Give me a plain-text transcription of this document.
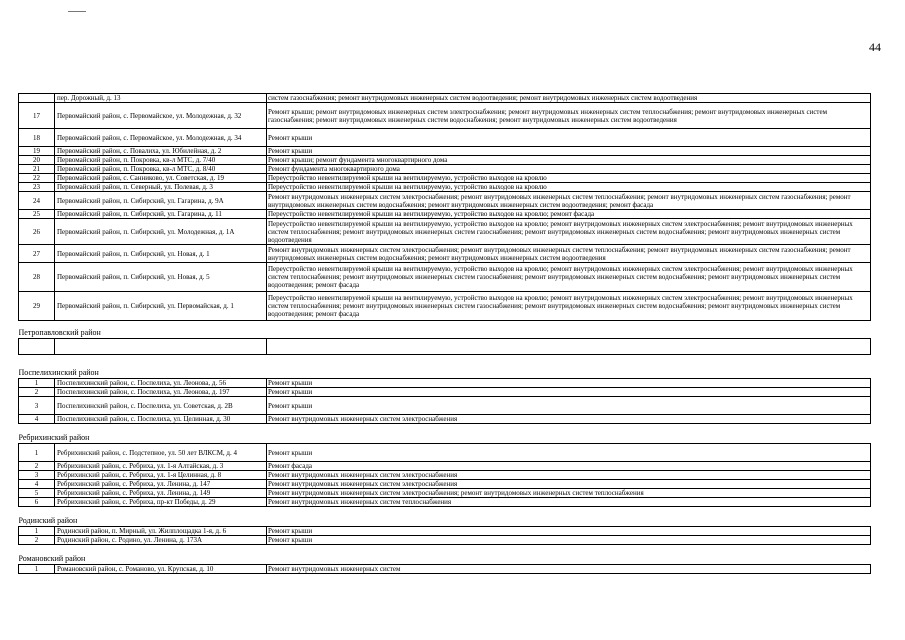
44
	пер. Дорожный, д. 13	систем газоснабжения; ремонт внутридомовых инженерных систем водоотведения; ремонт внутридомовых инженерных систем водоотведения
17	Первомайский район, с. Первомайское, ул. Молодежная, д. 32	Ремонт крыши; ремонт внутридомовых инженерных систем электроснабжения; ремонт внутридомовых инженерных систем теплоснабжения; ремонт внутридомовых инженерных систем газоснабжения; ремонт внутридомовых инженерных систем водоснабжения; ремонт внутридомовых инженерных систем водоотведения
18	Первомайский район, с. Первомайское, ул. Молодежная, д. 34	Ремонт крыши
19	Первомайский район, с. Повалиха, ул. Юбилейная, д. 2	Ремонт крыши
20	Первомайский район, п. Покровка, кв-л МТС, д. 7/40	Ремонт крыши; ремонт фундамента многоквартирного дома
21	Первомайский район, п. Покровка, кв-л МТС, д. 8/40	Ремонт фундамента многоквартирного дома
22	Первомайский район, с. Санниково, ул. Советская, д. 19	Переустройство невентилируемой крыши на вентилируемую, устройство выходов на кровлю
23	Первомайский район, п. Северный, ул. Полевая, д. 3	Переустройство невентилируемой крыши на вентилируемую, устройство выходов на кровлю
24	Первомайский район, п. Сибирский, ул. Гагарина, д. 9А	Ремонт внутридомовых инженерных систем электроснабжения; ремонт внутридомовых инженерных систем теплоснабжения; ремонт внутридомовых инженерных систем газоснабжения; ремонт внутридомовых инженерных систем водоснабжения; ремонт внутридомовых инженерных систем водоотведения; ремонт фасада
25	Первомайский район, п. Сибирский, ул. Гагарина, д. 11	Переустройство невентилируемой крыши на вентилируемую, устройство выходов на кровлю; ремонт фасада
26	Первомайский район, п. Сибирский, ул. Молодежная, д. 1А	Переустройство невентилируемой крыши на вентилируемую, устройство выходов на кровлю; ремонт внутридомовых инженерных систем электроснабжения; ремонт внутридомовых инженерных систем теплоснабжения; ремонт внутридомовых инженерных систем газоснабжения; ремонт внутридомовых инженерных систем водоснабжения; ремонт внутридомовых инженерных систем водоотведения
27	Первомайский район, п. Сибирский, ул. Новая, д. 1	Ремонт внутридомовых инженерных систем электроснабжения; ремонт внутридомовых инженерных систем теплоснабжения; ремонт внутридомовых инженерных систем газоснабжения; ремонт внутридомовых инженерных систем водоснабжения; ремонт внутридомовых инженерных систем водоотведения
28	Первомайский район, п. Сибирский, ул. Новая, д. 5	Переустройство невентилируемой крыши на вентилируемую, устройство выходов на кровлю; ремонт внутридомовых инженерных систем электроснабжения; ремонт внутридомовых инженерных систем теплоснабжения; ремонт внутридомовых инженерных систем газоснабжения; ремонт внутридомовых инженерных систем водоснабжения; ремонт внутридомовых инженерных систем водоотведения; ремонт фасада
29	Первомайский район, п. Сибирский, ул. Первомайская, д. 1	Переустройство невентилируемой крыши на вентилируемую, устройство выходов на кровлю; ремонт внутридомовых инженерных систем электроснабжения; ремонт внутридомовых инженерных систем теплоснабжения; ремонт внутридомовых инженерных систем газоснабжения; ремонт внутридомовых инженерных систем водоснабжения; ремонт внутридомовых инженерных систем водоотведения; ремонт фасада
Петропавловский район		

Поспелихинский район		
1	Поспелихинский район, с. Поспелиха, ул. Леонова, д. 56	Ремонт крыши
2	Поспелихинский район, с. Поспелиха, ул. Леонова, д. 197	Ремонт крыши
3	Поспелихинский район, с. Поспелиха, ул. Советская, д. 2В	Ремонт крыши
4	Поспелихинский район, с. Поспелиха, ул. Целинная, д. 30	Ремонт внутридомовых инженерных систем электроснабжения
Ребрихинский район		
1	Ребрихинский район, с. Подстепное, ул. 50 лет ВЛКСМ, д. 4	Ремонт крыши
2	Ребрихинский район, с. Ребриха, ул. 1-я Алтайская, д. 3	Ремонт фасада
3	Ребрихинский район, с. Ребриха, ул. 1-я Целинная, д. 8	Ремонт внутридомовых инженерных систем электроснабжения
4	Ребрихинский район, с. Ребриха, ул. Ленина, д. 147	Ремонт внутридомовых инженерных систем электроснабжения
5	Ребрихинский район, с. Ребриха, ул. Ленина, д. 149	Ремонт внутридомовых инженерных систем электроснабжения; ремонт внутридомовых инженерных систем теплоснабжения
6	Ребрихинский район, с. Ребриха, пр-кт Победы, д. 29	Ремонт внутридомовых инженерных систем теплоснабжения
Родинский район		
1	Родинский район, п. Мирный, ул. Жилплощадка 1-я, д. 6	Ремонт крыши
2	Родинский район, с. Родино, ул. Ленина, д. 173А	Ремонт крыши
Романовский район		
1	Романовский район, с. Романово, ул. Крупская, д. 10	Ремонт внутридомовых инженерных систем
